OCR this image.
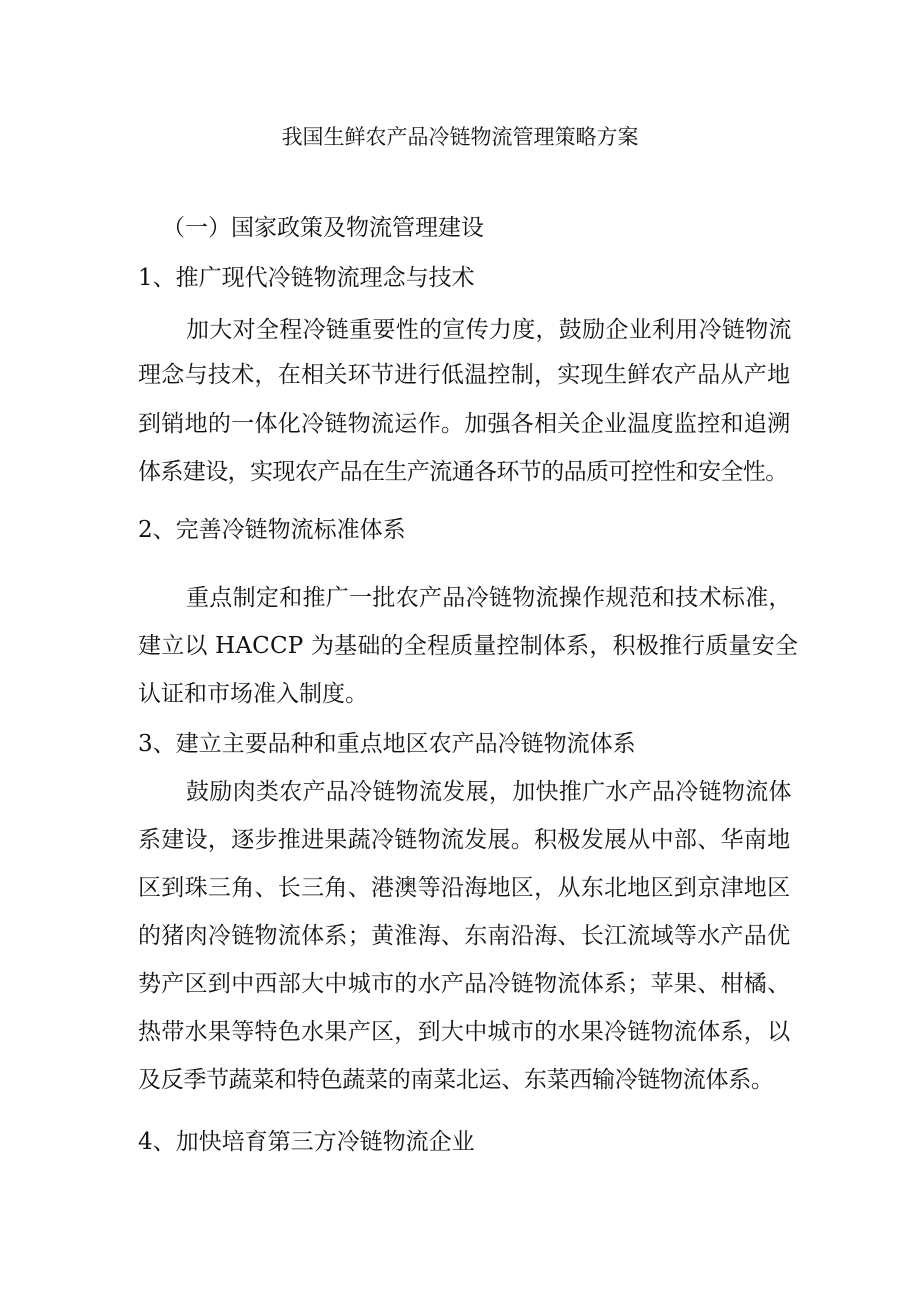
我国生鲜农产品冷链物流管理策略方案
（一）国家政策及物流管理建设
1、推广现代冷链物流理念与技术
加大对全程冷链重要性的宣传力度，鼓励企业利用冷链物流
理念与技术，在相关环节进行低温控制，实现生鲜农产品从产地
到销地的一体化冷链物流运作。加强各相关企业温度监控和追溯
体系建设，实现农产品在生产流通各环节的品质可控性和安全性。
2、完善冷链物流标准体系
重点制定和推广一批农产品冷链物流操作规范和技术标准，
建立以 HACCP 为基础的全程质量控制体系，积极推行质量安全
认证和市场准入制度。
3、建立主要品种和重点地区农产品冷链物流体系
鼓励肉类农产品冷链物流发展，加快推广水产品冷链物流体
系建设，逐步推进果蔬冷链物流发展。积极发展从中部、华南地
区到珠三角、长三角、港澳等沿海地区，从东北地区到京津地区
的猪肉冷链物流体系；黄淮海、东南沿海、长江流域等水产品优
势产区到中西部大中城市的水产品冷链物流体系；苹果、柑橘、
热带水果等特色水果产区，到大中城市的水果冷链物流体系，以
及反季节蔬菜和特色蔬菜的南菜北运、东菜西输冷链物流体系。
4、加快培育第三方冷链物流企业
